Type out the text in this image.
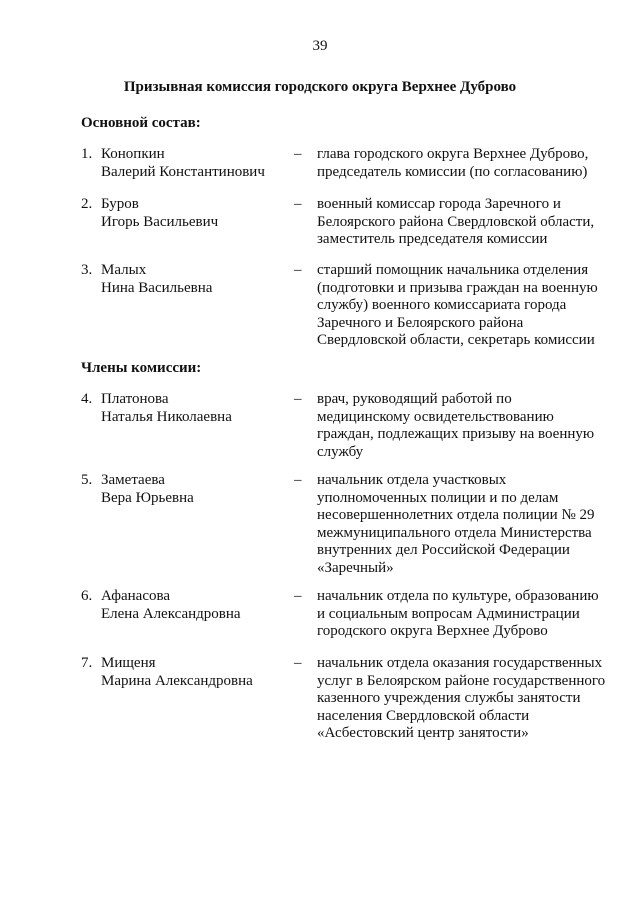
39
Призывная комиссия городского округа Верхнее Дуброво
Основной состав:
1. Конопкин
Валерий Константинович
– глава городского округа Верхнее Дуброво,
председатель комиссии (по согласованию)
2. Буров
Игорь Васильевич
– военный комиссар города Заречного и
Белоярского района Свердловской области,
заместитель председателя комиссии
3. Малых
Нина Васильевна
– старший помощник начальника отделения
(подготовки и призыва граждан на военную
службу) военного комиссариата города
Заречного и Белоярского района
Свердловской области, секретарь комиссии
Члены комиссии:
4. Платонова
Наталья Николаевна
– врач, руководящий работой по
медицинскому освидетельствованию
граждан, подлежащих призыву на военную
службу
5. Заметаева
Вера Юрьевна
– начальник отдела участковых
уполномоченных полиции и по делам
несовершеннолетних отдела полиции № 29
межмуниципального отдела Министерства
внутренних дел Российской Федерации
«Заречный»
6. Афанасова
Елена Александровна
– начальник отдела по культуре, образованию
и социальным вопросам Администрации
городского округа Верхнее Дуброво
7. Мищеня
Марина Александровна
– начальник отдела оказания государственных
услуг в Белоярском районе государственного
казенного учреждения службы занятости
населения Свердловской области
«Асбестовский центр занятости»
